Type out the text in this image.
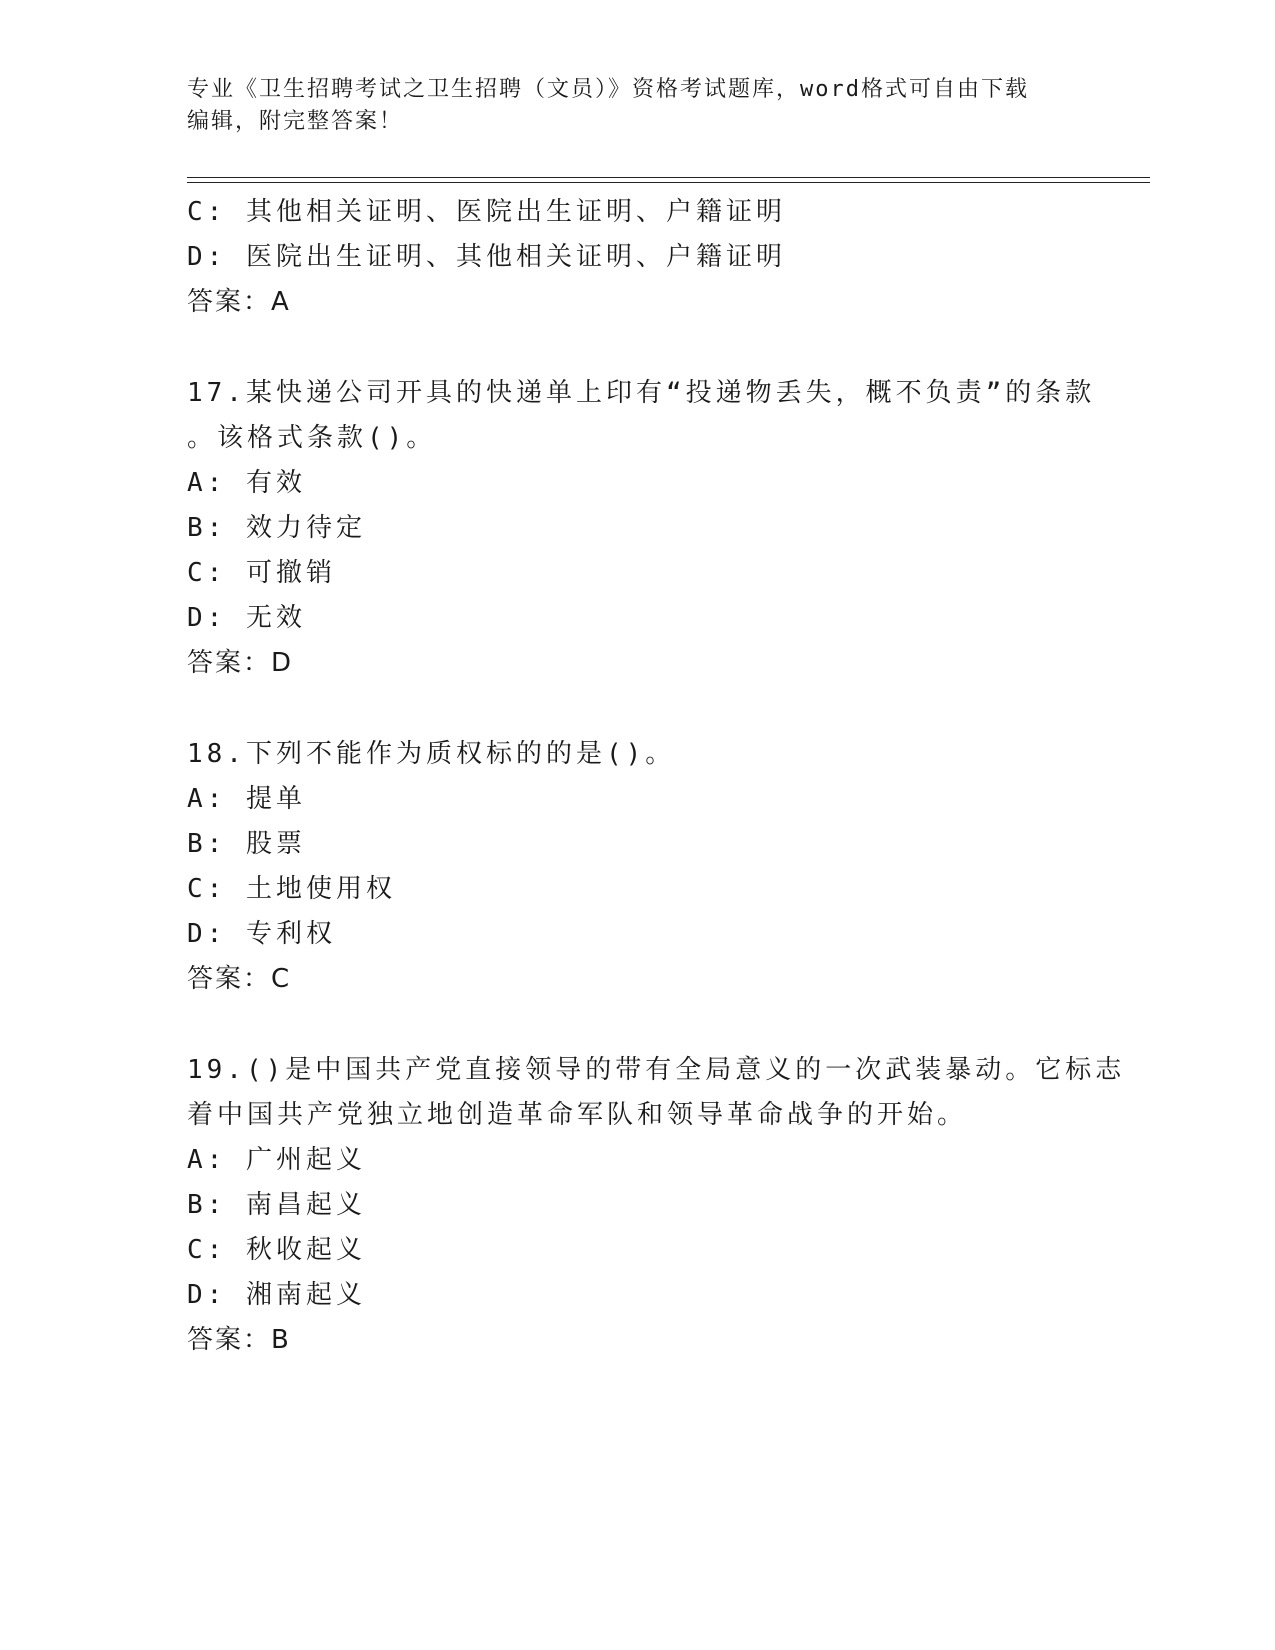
专业《卫生招聘考试之卫生招聘（文员）》资格考试题库，word格式可自由下载
编辑，附完整答案！
C: 其他相关证明、医院出生证明、户籍证明
D: 医院出生证明、其他相关证明、户籍证明
答案：A
17.某快递公司开具的快递单上印有“投递物丢失，概不负责”的条款
。该格式条款()。
A: 有效
B: 效力待定
C: 可撤销
D: 无效
答案：D
18.下列不能作为质权标的的是()。
A: 提单
B: 股票
C: 土地使用权
D: 专利权
答案：C
19.()是中国共产党直接领导的带有全局意义的一次武装暴动。它标志
着中国共产党独立地创造革命军队和领导革命战争的开始。
A: 广州起义
B: 南昌起义
C: 秋收起义
D: 湘南起义
答案：B
